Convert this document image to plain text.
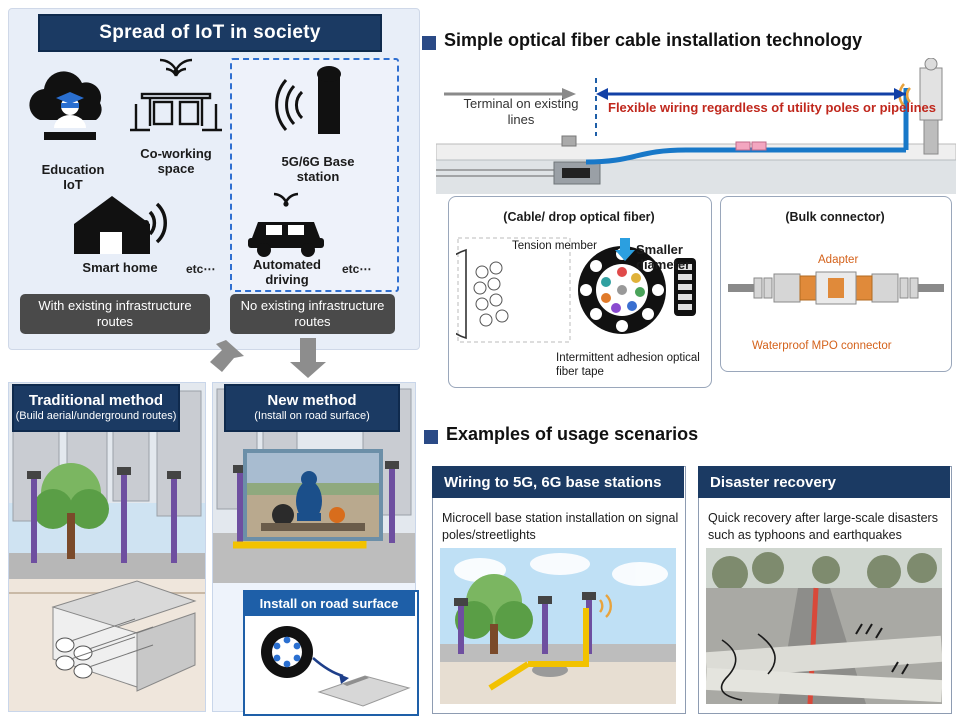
Spread of IoT in society
Education
IoT
Co-working
space	5G/6G Base
station
Smart home	Automated
driving
etc⋯	etc⋯
With existing infrastructure routes
No existing infrastructure routes
Traditional method
(Build aerial/underground routes)
New method
(Install on road surface)
Install on road surface
Simple optical fiber cable installation technology
Terminal on existing lines
Flexible wiring regardless of utility poles or pipelines
(Cable/ drop optical fiber)
Tension member	Smaller diameter
Intermittent adhesion optical fiber tape
(Bulk connector)
Adapter
Waterproof MPO connector
Examples of usage scenarios
Wiring to 5G, 6G base stations
Microcell base station installation on signal poles/streetlights
Disaster recovery
Quick recovery after large-scale disasters such as typhoons and earthquakes
